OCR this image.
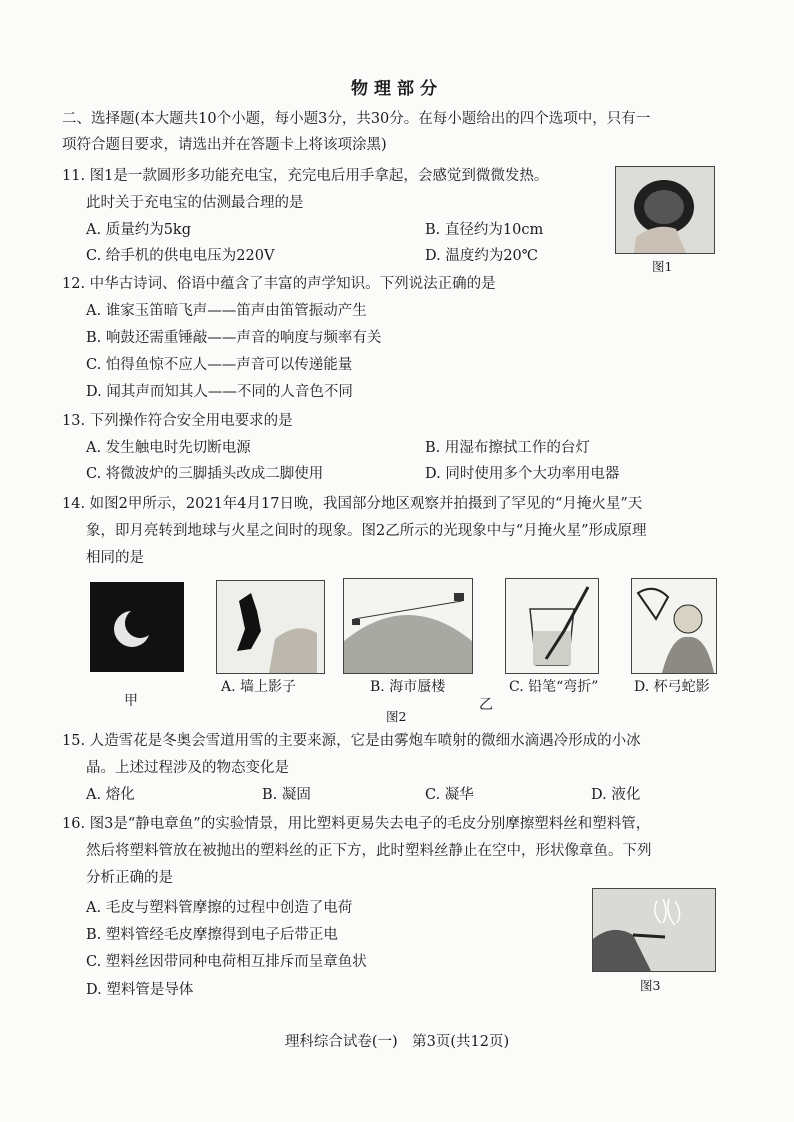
物理部分
二、选择题(本大题共10个小题，每小题3分，共30分。在每小题给出的四个选项中，只有一
项符合题目要求，请选出并在答题卡上将该项涂黑)
11. 图1是一款圆形多功能充电宝，充完电后用手拿起，会感觉到微微发热。
此时关于充电宝的估测最合理的是
A. 质量约为5kg	B. 直径约为10cm
C. 给手机的供电电压为220V	D. 温度约为20℃
图1
12. 中华古诗词、俗语中蕴含了丰富的声学知识。下列说法正确的是
A. 谁家玉笛暗飞声——笛声由笛管振动产生
B. 响鼓还需重锤敲——声音的响度与频率有关
C. 怕得鱼惊不应人——声音可以传递能量
D. 闻其声而知其人——不同的人音色不同
13. 下列操作符合安全用电要求的是
A. 发生触电时先切断电源	B. 用湿布擦拭工作的台灯
C. 将微波炉的三脚插头改成二脚使用	D. 同时使用多个大功率用电器
14. 如图2甲所示，2021年4月17日晚，我国部分地区观察并拍摄到了罕见的“月掩火星”天
象，即月亮转到地球与火星之间时的现象。图2乙所示的光现象中与“月掩火星”形成原理
相同的是
甲
A. 墙上影子	B. 海市蜃楼	C. 铅笔“弯折”	D. 杯弓蛇影
乙
图2
15. 人造雪花是冬奥会雪道用雪的主要来源，它是由雾炮车喷射的微细水滴遇冷形成的小冰
晶。上述过程涉及的物态变化是
A. 熔化	B. 凝固	C. 凝华	D. 液化
16. 图3是“静电章鱼”的实验情景，用比塑料更易失去电子的毛皮分别摩擦塑料丝和塑料管，
然后将塑料管放在被抛出的塑料丝的正下方，此时塑料丝静止在空中，形状像章鱼。下列
分析正确的是
A. 毛皮与塑料管摩擦的过程中创造了电荷
B. 塑料管经毛皮摩擦得到电子后带正电
C. 塑料丝因带同种电荷相互排斥而呈章鱼状
D. 塑料管是导体	图3
理科综合试卷(一)　第3页(共12页)
